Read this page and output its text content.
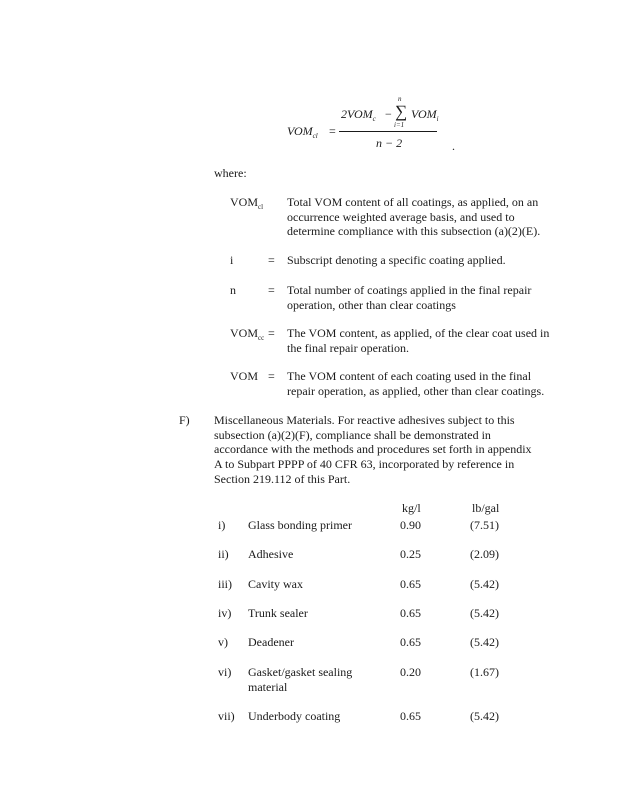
$VOM_{cl}$ =
$2VOM_c$ −
n
∑
i=1
$VOM_i$
n − 2	.
where:
$VOM_{cl}$ Total VOM content of all coatings, as applied, on an
occurrence weighted average basis, and used to
determine compliance with this subsection (a)(2)(E).
i	= Subscript denoting a specific coating applied.
n	= Total number of coatings applied in the final repair
operation, other than clear coatings
$VOM_{cc}$ = The VOM content, as applied, of the clear coat used in
the final repair operation.
VOM = The VOM content of each coating used in the final
repair operation, as applied, other than clear coatings.
F) Miscellaneous Materials. For reactive adhesives subject to this
subsection (a)(2)(F), compliance shall be demonstrated in
accordance with the methods and procedures set forth in appendix
A to Subpart PPPP of 40 CFR 63, incorporated by reference in
Section 219.112 of this Part.
kg/l	lb/gal
i) Glass bonding primer	0.90	(7.51)
ii) Adhesive	0.25	(2.09)
iii) Cavity wax	0.65	(5.42)
iv) Trunk sealer	0.65	(5.42)
v) Deadener	0.65	(5.42)
vi) Gasket/gasket sealing
material
0.20	(1.67)
vii) Underbody coating	0.65	(5.42)
